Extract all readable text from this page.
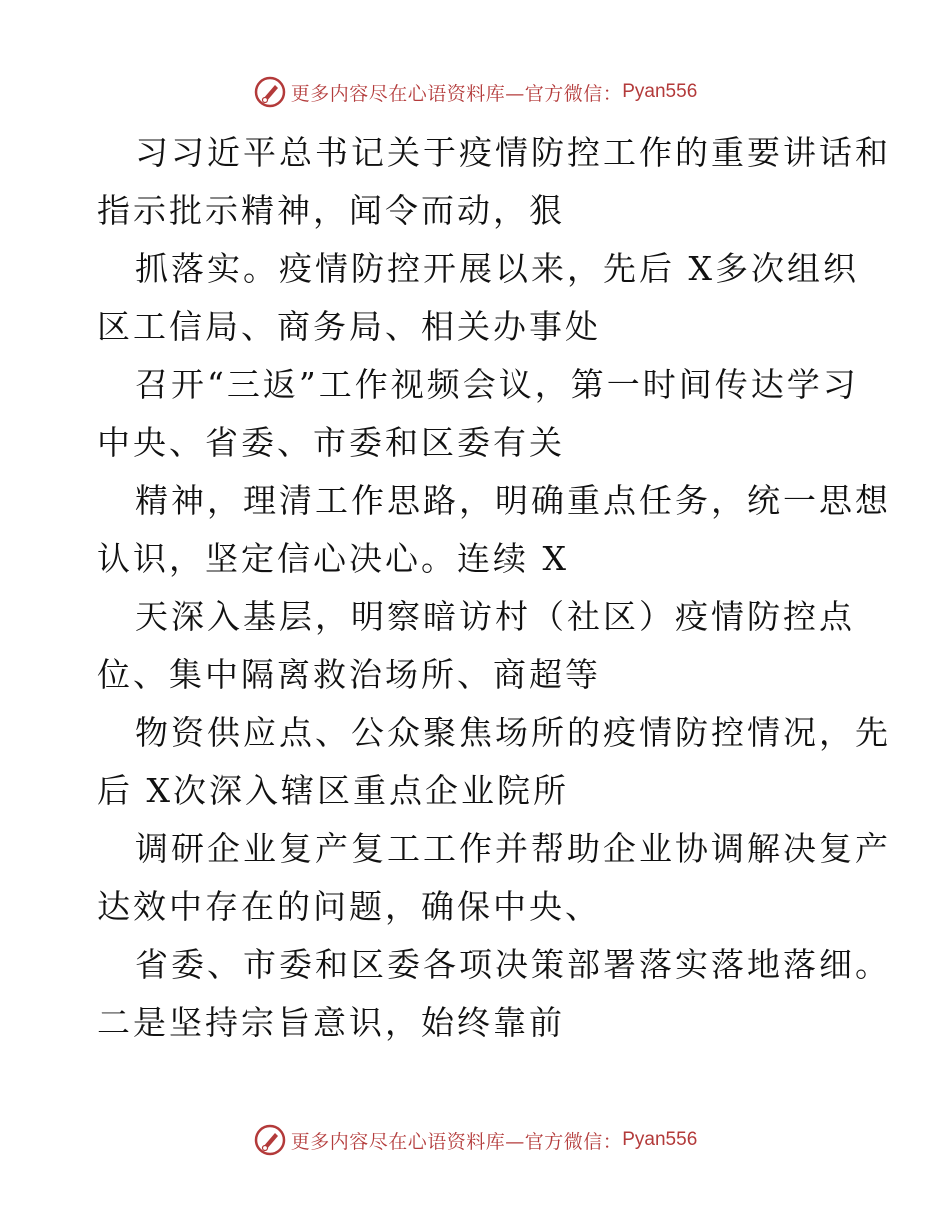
更多内容尽在心语资料库—官方微信： Pyan556
习习近平总书记关于疫情防控工作的重要讲话和
指示批示精神，闻令而动，狠
抓落实。疫情防控开展以来，先后 X多次组织
区工信局、商务局、相关办事处
召开“三返”工作视频会议，第一时间传达学习
中央、省委、市委和区委有关
精神，理清工作思路，明确重点任务，统一思想
认识，坚定信心决心。连续 X
天深入基层，明察暗访村（社区）疫情防控点
位、集中隔离救治场所、商超等
物资供应点、公众聚焦场所的疫情防控情况，先
后 X次深入辖区重点企业院所
调研企业复产复工工作并帮助企业协调解决复产
达效中存在的问题，确保中央、
省委、市委和区委各项决策部署落实落地落细。
二是坚持宗旨意识，始终靠前
更多内容尽在心语资料库—官方微信： Pyan556
